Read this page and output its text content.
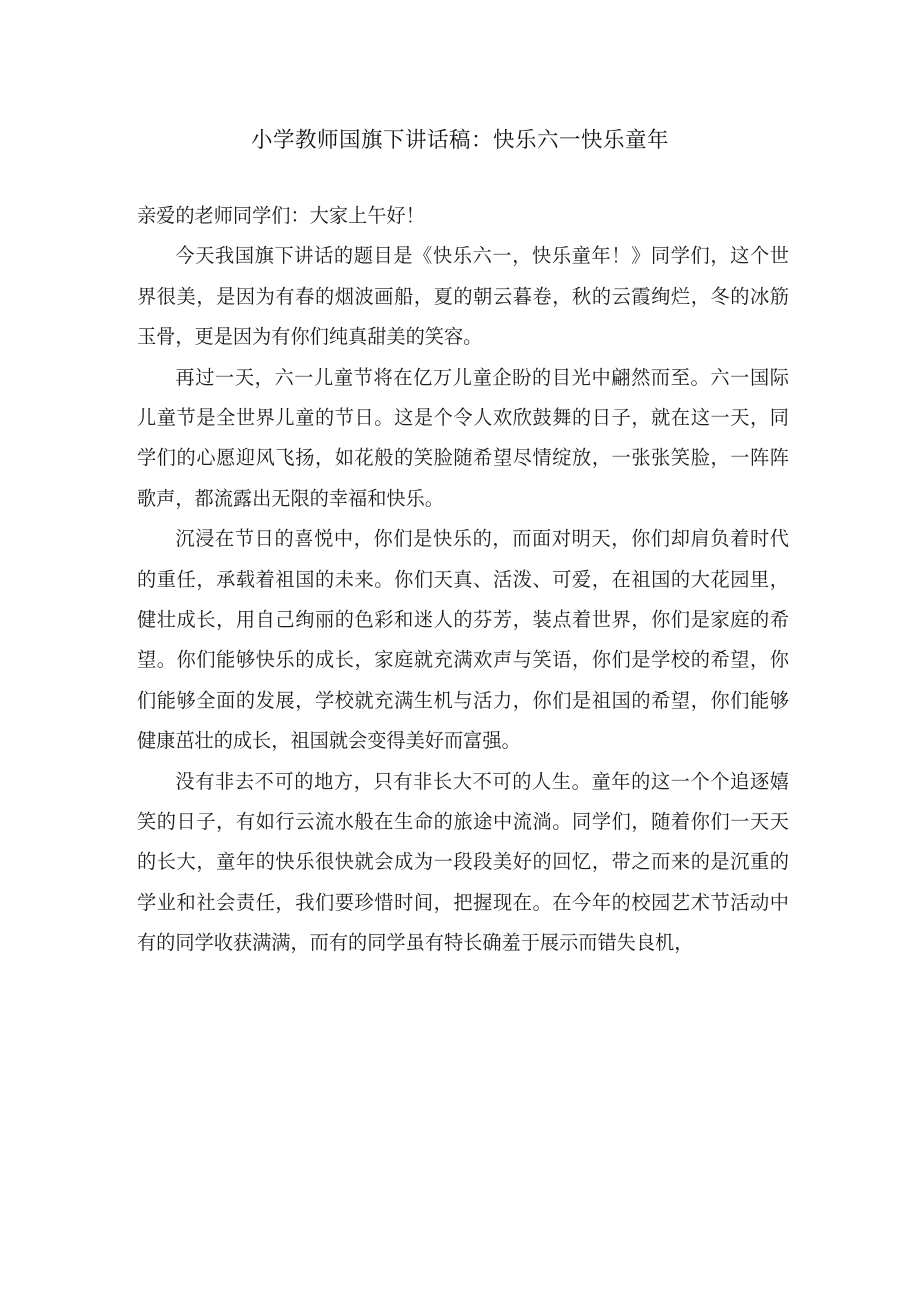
小学教师国旗下讲话稿：快乐六一快乐童年

亲爱的老师同学们：大家上午好！

今天我国旗下讲话的题目是《快乐六一，快乐童年！》同学们，这个世界很美，是因为有春的烟波画船，夏的朝云暮卷，秋的云霞绚烂，冬的冰筋玉骨，更是因为有你们纯真甜美的笑容。

再过一天，六一儿童节将在亿万儿童企盼的目光中翩然而至。六一国际儿童节是全世界儿童的节日。这是个令人欢欣鼓舞的日子，就在这一天，同学们的心愿迎风飞扬，如花般的笑脸随希望尽情绽放，一张张笑脸，一阵阵歌声，都流露出无限的幸福和快乐。

沉浸在节日的喜悦中，你们是快乐的，而面对明天，你们却肩负着时代的重任，承载着祖国的未来。你们天真、活泼、可爱，在祖国的大花园里，健壮成长，用自己绚丽的色彩和迷人的芬芳，装点着世界，你们是家庭的希望。你们能够快乐的成长，家庭就充满欢声与笑语，你们是学校的希望，你们能够全面的发展，学校就充满生机与活力，你们是祖国的希望，你们能够健康茁壮的成长，祖国就会变得美好而富强。

没有非去不可的地方，只有非长大不可的人生。童年的这一个个追逐嬉笑的日子，有如行云流水般在生命的旅途中流淌。同学们，随着你们一天天的长大，童年的快乐很快就会成为一段段美好的回忆，带之而来的是沉重的学业和社会责任，我们要珍惜时间，把握现在。在今年的校园艺术节活动中有的同学收获满满，而有的同学虽有特长确羞于展示而错失良机，
